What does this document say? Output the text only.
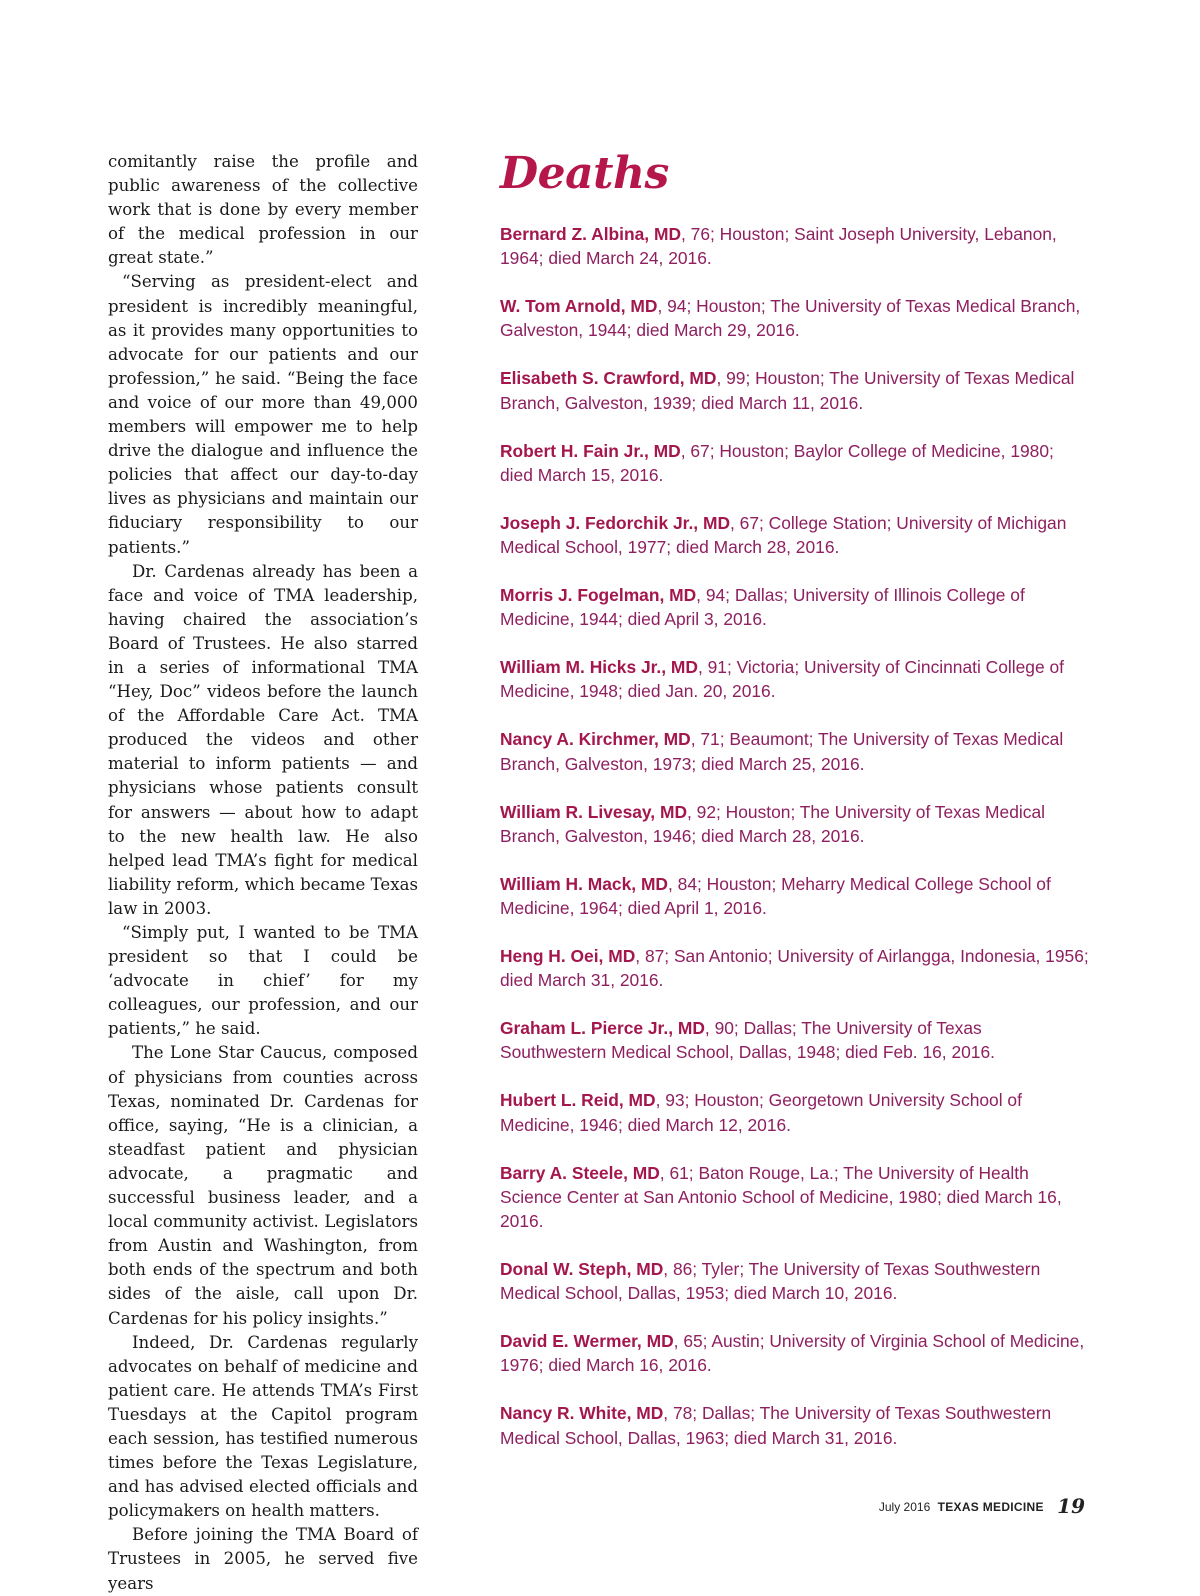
comitantly raise the profile and public awareness of the collective work that is done by every member of the medical profession in our great state.”

“Serving as president-elect and president is incredibly meaningful, as it provides many opportunities to advocate for our patients and our profession,” he said. “Being the face and voice of our more than 49,000 members will empower me to help drive the dialogue and influence the policies that affect our day-to-day lives as physicians and maintain our fiduciary responsibility to our patients.”

Dr. Cardenas already has been a face and voice of TMA leadership, having chaired the association’s Board of Trustees. He also starred in a series of informational TMA “Hey, Doc” videos before the launch of the Affordable Care Act. TMA produced the videos and other material to inform patients — and physicians whose patients consult for answers — about how to adapt to the new health law. He also helped lead TMA’s fight for medical liability reform, which became Texas law in 2003.

“Simply put, I wanted to be TMA president so that I could be ‘advocate in chief’ for my colleagues, our profession, and our patients,” he said.

The Lone Star Caucus, composed of physicians from counties across Texas, nominated Dr. Cardenas for office, saying, “He is a clinician, a steadfast patient and physician advocate, a pragmatic and successful business leader, and a local community activist. Legislators from Austin and Washington, from both ends of the spectrum and both sides of the aisle, call upon Dr. Cardenas for his policy insights.”

Indeed, Dr. Cardenas regularly advocates on behalf of medicine and patient care. He attends TMA’s First Tuesdays at the Capitol program each session, has testified numerous times before the Texas Legislature, and has advised elected officials and policymakers on health matters.

Before joining the TMA Board of Trustees in 2005, he served five years

Deaths

Bernard Z. Albina, MD, 76; Houston; Saint Joseph University, Lebanon, 1964; died March 24, 2016.

W. Tom Arnold, MD, 94; Houston; The University of Texas Medical Branch, Galveston, 1944; died March 29, 2016.

Elisabeth S. Crawford, MD, 99; Houston; The University of Texas Medical Branch, Galveston, 1939; died March 11, 2016.

Robert H. Fain Jr., MD, 67; Houston; Baylor College of Medicine, 1980; died March 15, 2016.

Joseph J. Fedorchik Jr., MD, 67; College Station; University of Michigan Medical School, 1977; died March 28, 2016.

Morris J. Fogelman, MD, 94; Dallas; University of Illinois College of Medicine, 1944; died April 3, 2016.

William M. Hicks Jr., MD, 91; Victoria; University of Cincinnati College of Medicine, 1948; died Jan. 20, 2016.

Nancy A. Kirchmer, MD, 71; Beaumont; The University of Texas Medical Branch, Galveston, 1973; died March 25, 2016.

William R. Livesay, MD, 92; Houston; The University of Texas Medical Branch, Galveston, 1946; died March 28, 2016.

William H. Mack, MD, 84; Houston; Meharry Medical College School of Medicine, 1964; died April 1, 2016.

Heng H. Oei, MD, 87; San Antonio; University of Airlangga, Indonesia, 1956; died March 31, 2016.

Graham L. Pierce Jr., MD, 90; Dallas; The University of Texas Southwestern Medical School, Dallas, 1948; died Feb. 16, 2016.

Hubert L. Reid, MD, 93; Houston; Georgetown University School of Medicine, 1946; died March 12, 2016.

Barry A. Steele, MD, 61; Baton Rouge, La.; The University of Health Science Center at San Antonio School of Medicine, 1980; died March 16, 2016.

Donal W. Steph, MD, 86; Tyler; The University of Texas Southwestern Medical School, Dallas, 1953; died March 10, 2016.

David E. Wermer, MD, 65; Austin; University of Virginia School of Medicine, 1976; died March 16, 2016.

Nancy R. White, MD, 78; Dallas; The University of Texas Southwestern Medical School, Dallas, 1963; died March 31, 2016.

July 2016 TEXAS MEDICINE 19
